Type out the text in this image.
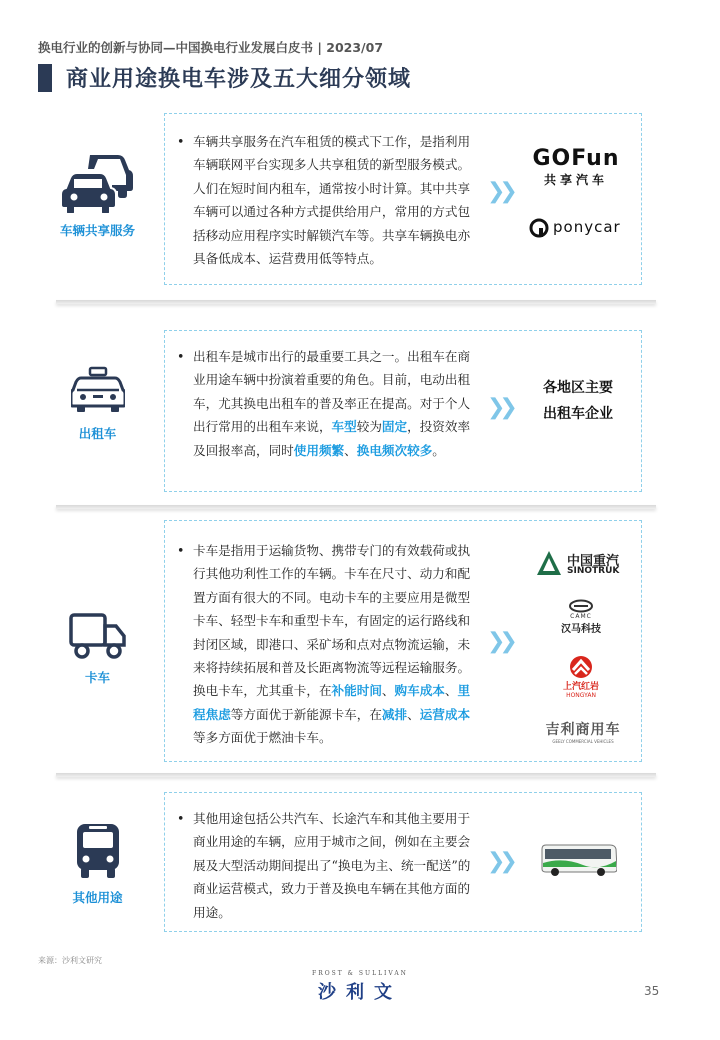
换电行业的创新与协同—中国换电行业发展白皮书 | 2023/07
商业用途换电车涉及五大细分领域
车辆共享服务
• 车辆共享服务在汽车租赁的模式下工作，是指利用车辆联网平台实现多人共享租赁的新型服务模式。人们在短时间内租车，通常按小时计算。其中共享车辆可以通过各种方式提供给用户，常用的方式包括移动应用程序实时解锁汽车等。共享车辆换电亦具备低成本、运营费用低等特点。
❯❯
GOFun
共享汽车
ponycar
出租车
• 出租车是城市出行的最重要工具之一。出租车在商业用途车辆中扮演着重要的角色。目前，电动出租车，尤其换电出租车的普及率正在提高。对于个人出行常用的出租车来说，车型较为固定，投资效率及回报率高，同时使用频繁、换电频次较多。
❯❯
各地区主要出租车企业
卡车
• 卡车是指用于运输货物、携带专门的有效载荷或执行其他功利性工作的车辆。卡车在尺寸、动力和配置方面有很大的不同。电动卡车的主要应用是微型卡车、轻型卡车和重型卡车，有固定的运行路线和封闭区域，即港口、采矿场和点对点物流运输，未来将持续拓展和普及长距离物流等远程运输服务。换电卡车，尤其重卡，在补能时间、购车成本、里程焦虑等方面优于新能源卡车，在减排、运营成本等多方面优于燃油卡车。
❯❯
中国重汽
SINOTRUK
CAMC
汉马科技
上汽红岩
HONGYAN
吉利商用车
GEELY COMMERCIAL VEHICLES
其他用途
• 其他用途包括公共汽车、长途汽车和其他主要用于商业用途的车辆，应用于城市之间，例如在主要会展及大型活动期间提出了“换电为主、统一配送”的商业运营模式，致力于普及换电车辆在其他方面的用途。
❯❯
来源：沙利文研究
FROST & SULLIVAN
沙利文	35
